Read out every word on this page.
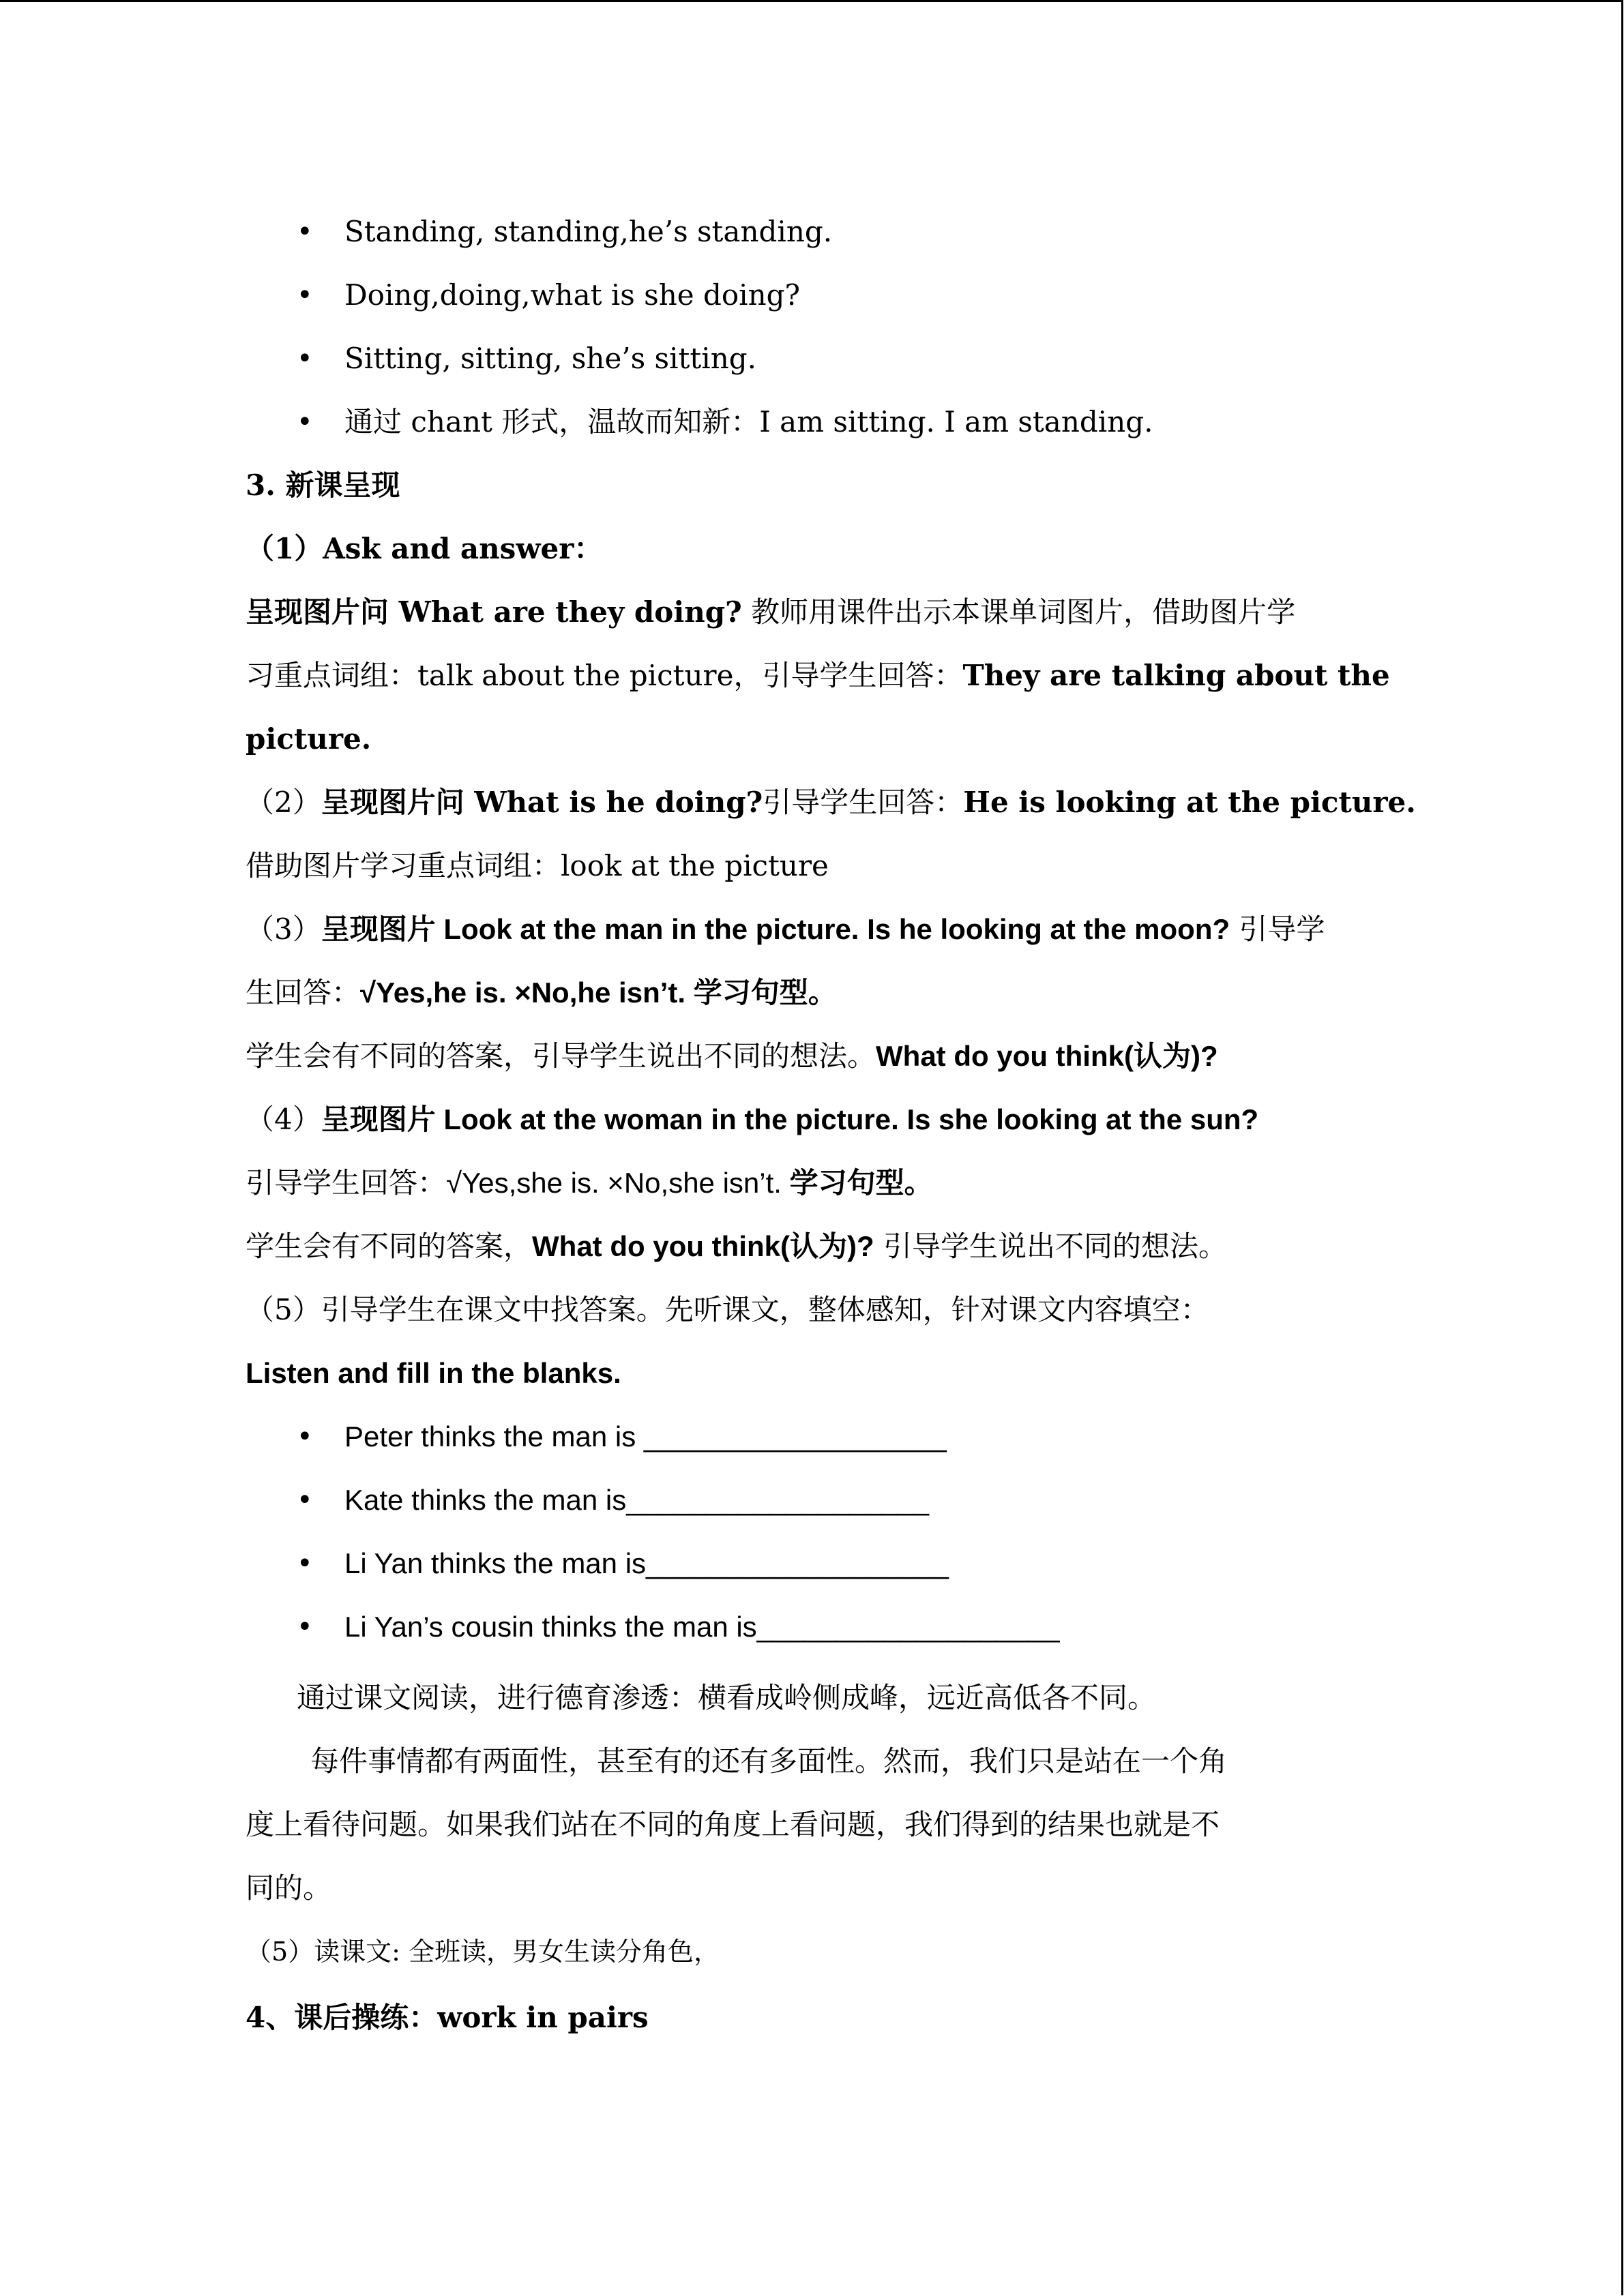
• Standing, standing,he’s standing.
• Doing,doing,what is she doing?
• Sitting, sitting, she’s sitting.
• 通过 chant 形式，温故而知新：I am sitting. I am standing.
3. 新课呈现
（1）Ask and answer：
呈现图片问 What are they doing? 教师用课件出示本课单词图片，借助图片学
习重点词组：talk about the picture，引导学生回答：They are talking about the
picture.
（2）呈现图片问 What is he doing?引导学生回答：He is looking at the picture.
借助图片学习重点词组：look at the picture
（3）呈现图片 Look at the man in the picture. Is he looking at the moon? 引导学
生回答：√Yes,he is. ×No,he isn’t. 学习句型。
学生会有不同的答案，引导学生说出不同的想法。What do you think(认为)?
（4）呈现图片 Look at the woman in the picture. Is she looking at the sun?
引导学生回答：√Yes,she is. ×No,she isn’t. 学习句型。
学生会有不同的答案，What do you think(认为)? 引导学生说出不同的想法。
（5）引导学生在课文中找答案。先听课文，整体感知，针对课文内容填空：
Listen and fill in the blanks.
• Peter thinks the man is ___________________
• Kate thinks the man is___________________
• Li Yan thinks the man is___________________
• Li Yan’s cousin thinks the man is___________________
通过课文阅读，进行德育渗透：横看成岭侧成峰，远近高低各不同。
每件事情都有两面性，甚至有的还有多面性。然而，我们只是站在一个角
度上看待问题。如果我们站在不同的角度上看问题，我们得到的结果也就是不
同的。
（5）读课文: 全班读，男女生读分角色，
4、课后操练：work in pairs
